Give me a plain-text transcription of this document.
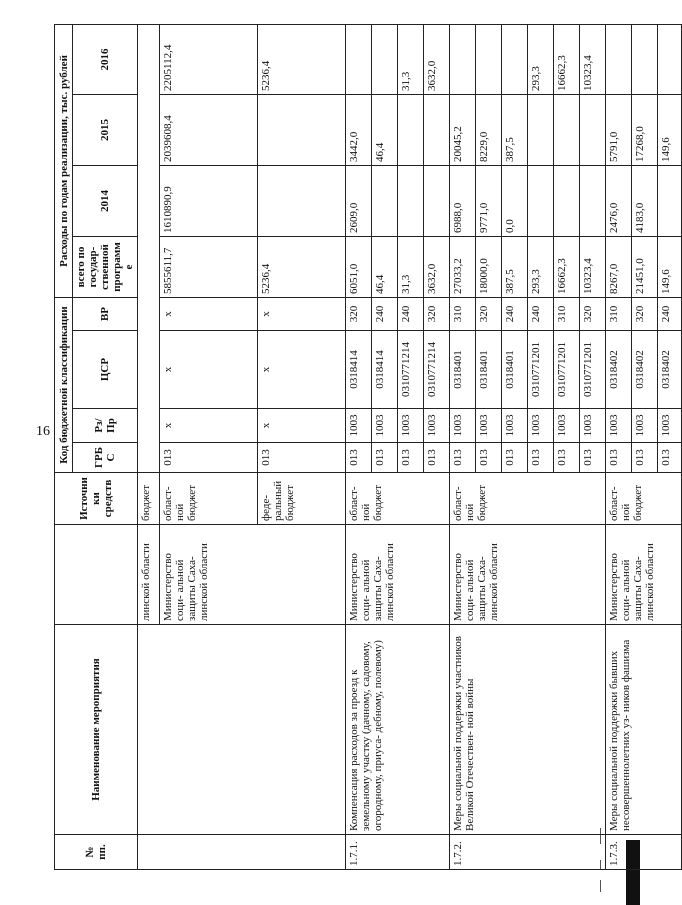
16
№ пп.	Наименование мероприятия		Источники средств	Код бюджетной классификации				Расходы по годам реализации, тыс. рублей			
				ГРБ С	Рз/ Пр	ЦСР	ВР	всего по государ- ственной программе	2014	2015	2016
		линской области	бюджет								
		Министерство соци- альной защиты Саха- линской области	област- ной бюджет	013	х	х	х	5855611,7	1610890,9	2039608,4	2205112,4
			феде- ральный бюджет	013	х	х	х	5236,4			5236,4
1.7.1.	Компенсация расходов за проезд к земельному участку (дачному, садовому, огородному, приуса- дебному, полевому)	Министерство соци- альной защиты Саха- линской области	област- ной бюджет	013	1003	0318414	320	6051,0	2609,0	3442,0	
				013	1003	0318414	240	46,4		46,4	
				013	1003	0310771214	240	31,3			31,3
				013	1003	0310771214	320	3632,0			3632,0
1.7.2.	Меры социальной поддержки участников Великой Отечествен- ной войны	Министерство соци- альной защиты Саха- линской области	област- ной бюджет	013	1003	0318401	310	27033,2	6988,0	20045,2	
				013	1003	0318401	320	18000,0	9771,0	8229,0	
				013	1003	0318401	240	387,5	0,0	387,5	
				013	1003	0310771201	240	293,3			293,3
				013	1003	0310771201	310	16662,3			16662,3
				013	1003	0310771201	320	10323,4			10323,4
1.7.3.	Меры социальной поддержки бывших несовершеннолетних уз- ников фашизма	Министерство соци- альной защиты Саха- линской области	област- ной бюджет	013	1003	0318402	310	8267,0	2476,0	5791,0	
				013	1003	0318402	320	21451,0	4183,0	17268,0	
				013	1003	0318402	240	149,6		149,6	
